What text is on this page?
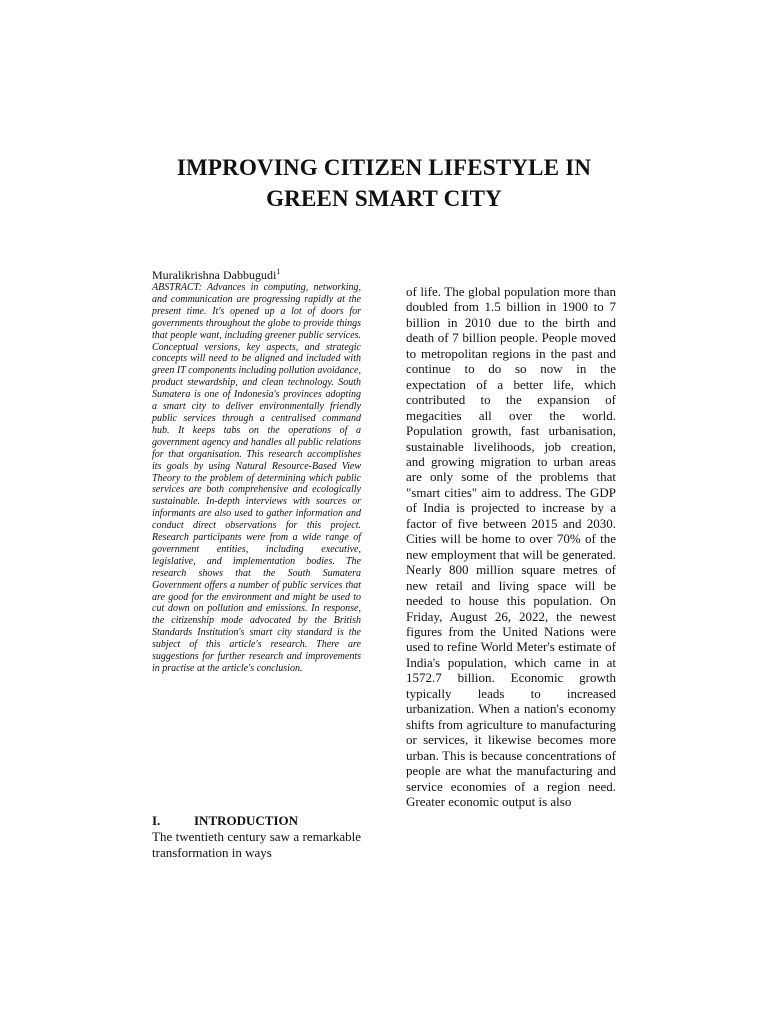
IMPROVING CITIZEN LIFESTYLE IN
GREEN SMART CITY
Muralikrishna Dabbugudi$^1$

ABSTRACT: Advances in computing, networking, and communication are progressing rapidly at the present time. It's opened up a lot of doors for governments throughout the globe to provide things that people want, including greener public services. Conceptual versions, key aspects, and strategic concepts will need to be aligned and included with green IT components including pollution avoidance, product stewardship, and clean technology. South Sumatera is one of Indonesia's provinces adopting a smart city to deliver environmentally friendly public services through a centralised command hub. It keeps tabs on the operations of a government agency and handles all public relations for that organisation. This research accomplishes its goals by using Natural Resource-Based View Theory to the problem of determining which public services are both comprehensive and ecologically sustainable. In-depth interviews with sources or informants are also used to gather information and conduct direct observations for this project. Research participants were from a wide range of government entities, including executive, legislative, and implementation bodies. The research shows that the South Sumatera Government offers a number of public services that are good for the environment and might be used to cut down on pollution and emissions. In response, the citizenship mode advocated by the British Standards Institution's smart city standard is the subject of this article's research. There are suggestions for further research and improvements in practise at the article's conclusion.

I.	INTRODUCTION

The twentieth century saw a remarkable transformation in ways

of life. The global population more than doubled from 1.5 billion in 1900 to 7 billion in 2010 due to the birth and death of 7 billion people. People moved to metropolitan regions in the past and continue to do so now in the expectation of a better life, which contributed to the expansion of megacities all over the world. Population growth, fast urbanisation, sustainable livelihoods, job creation, and growing migration to urban areas are only some of the problems that "smart cities" aim to address. The GDP of India is projected to increase by a factor of five between 2015 and 2030. Cities will be home to over 70% of the new employment that will be generated. Nearly 800 million square metres of new retail and living space will be needed to house this population. On Friday, August 26, 2022, the newest figures from the United Nations were used to refine World Meter's estimate of India's population, which came in at 1572.7 billion. Economic growth typically leads to increased urbanization. When a nation's economy shifts from agriculture to manufacturing or services, it likewise becomes more urban. This is because concentrations of people are what the manufacturing and service economies of a region need. Greater economic output is also
